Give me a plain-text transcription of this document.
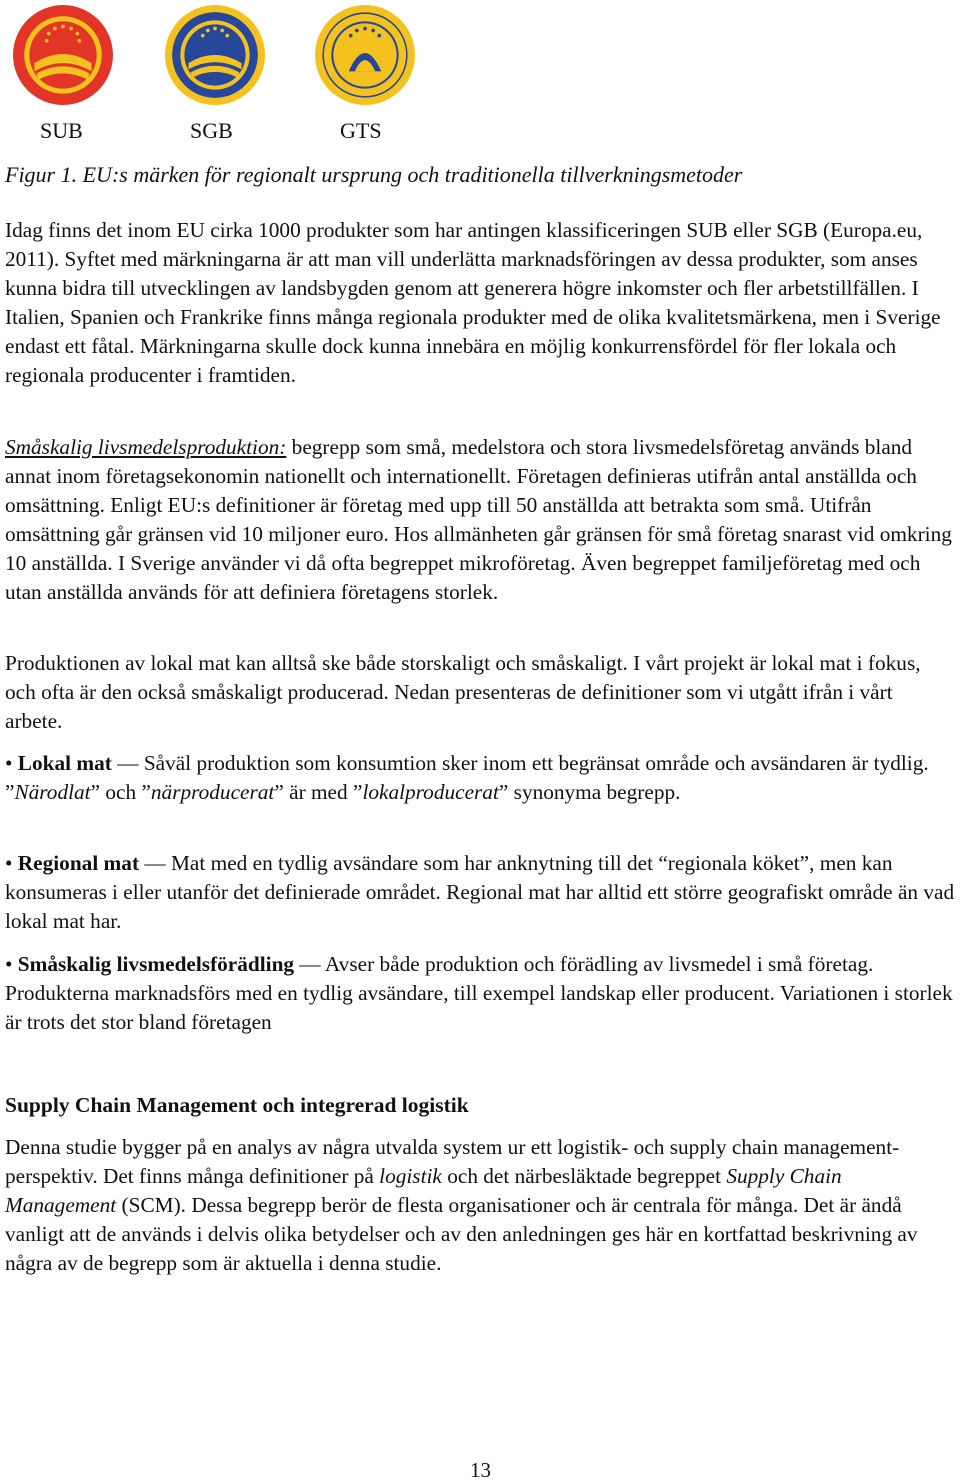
SUB	SGB	GTS
Figur 1. EU:s märken för regionalt ursprung och traditionella tillverkningsmetoder

Idag finns det inom EU cirka 1000 produkter som har antingen klassificeringen SUB eller SGB (Europa.eu, 2011). Syftet med märkningarna är att man vill underlätta marknadsföringen av dessa produkter, som anses kunna bidra till utvecklingen av landsbygden genom att generera högre inkomster och fler arbetstillfällen. I Italien, Spanien och Frankrike finns många regionala produkter med de olika kvalitetsmärkena, men i Sverige endast ett fåtal. Märkningarna skulle dock kunna innebära en möjlig konkurrensfördel för fler lokala och regionala producenter i framtiden.

Småskalig livsmedelsproduktion: begrepp som små, medelstora och stora livsmedelsföretag används bland annat inom företagsekonomin nationellt och internationellt. Företagen definieras utifrån antal anställda och omsättning. Enligt EU:s definitioner är företag med upp till 50 anställda att betrakta som små. Utifrån omsättning går gränsen vid 10 miljoner euro. Hos allmänheten går gränsen för små företag snarast vid omkring 10 anställda. I Sverige använder vi då ofta begreppet mikroföretag. Även begreppet familjeföretag med och utan anställda används för att definiera företagens storlek.

Produktionen av lokal mat kan alltså ske både storskaligt och småskaligt. I vårt projekt är lokal mat i fokus, och ofta är den också småskaligt producerad. Nedan presenteras de definitioner som vi utgått ifrån i vårt arbete.

• Lokal mat — Såväl produktion som konsumtion sker inom ett begränsat område och avsändaren är tydlig. ”Närodlat” och ”närproducerat” är med ”lokalproducerat” synonyma begrepp.

• Regional mat — Mat med en tydlig avsändare som har anknytning till det “regionala köket”, men kan konsumeras i eller utanför det definierade området. Regional mat har alltid ett större geografiskt område än vad lokal mat har.

• Småskalig livsmedelsförädling — Avser både produktion och förädling av livsmedel i små företag. Produkterna marknadsförs med en tydlig avsändare, till exempel landskap eller producent. Variationen i storlek är trots det stor bland företagen

Supply Chain Management och integrerad logistik

Denna studie bygger på en analys av några utvalda system ur ett logistik- och supply chain management-perspektiv. Det finns många definitioner på logistik och det närbesläktade begreppet Supply Chain Management (SCM). Dessa begrepp berör de flesta organisationer och är centrala för många. Det är ändå vanligt att de används i delvis olika betydelser och av den anledningen ges här en kortfattad beskrivning av några av de begrepp som är aktuella i denna studie.

13
